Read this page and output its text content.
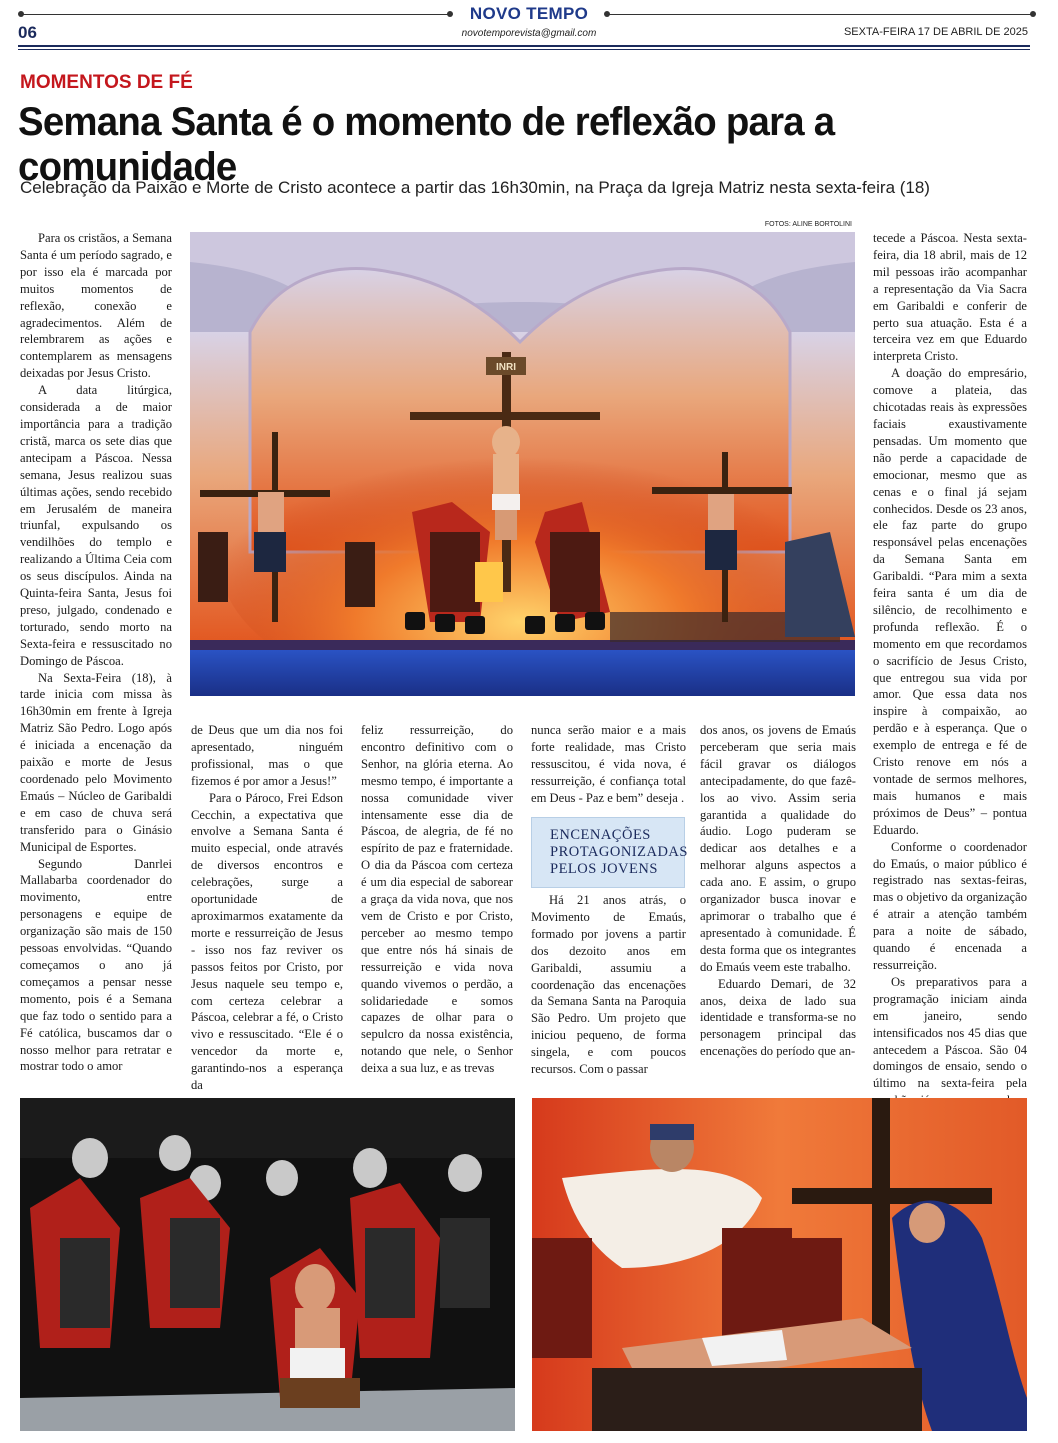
06
NOVO TEMPO
novotemporevista@gmail.com	SEXTA-FEIRA 17 DE ABRIL DE 2025
MOMENTOS DE FÉ
Semana Santa é o momento de reflexão para a comunidade
Celebração da Paixão e Morte de Cristo acontece a partir das 16h30min, na Praça da Igreja Matriz nesta sexta-feira (18)
FOTOS: ALINE BORTOLINI
INRI

Para os cristãos, a Semana Santa é um período sagrado, e por isso ela é marcada por muitos momentos de reflexão, conexão e agradecimentos. Além de relembrarem as ações e contemplarem as mensagens deixadas por Jesus Cristo.

A data litúrgica, considerada a de maior importância para a tradição cristã, marca os sete dias que antecipam a Páscoa. Nessa semana, Jesus realizou suas últimas ações, sendo recebido em Jerusalém de maneira triunfal, expulsando os vendilhões do templo e realizando a Última Ceia com os seus discípulos. Ainda na Quinta-feira Santa, Jesus foi preso, julgado, condenado e torturado, sendo morto na Sexta-feira e ressuscitado no Domingo de Páscoa.

Na Sexta-Feira (18), à tarde inicia com missa às 16h30min em frente à Igreja Matriz São Pedro. Logo após é iniciada a encenação da paixão e morte de Jesus coordenado pelo Movimento Emaús – Núcleo de Garibaldi e em caso de chuva será transferido para o Ginásio Municipal de Esportes.

Segundo Danrlei Mallabarba coordenador do movimento, entre personagens e equipe de organização são mais de 150 pessoas envolvidas. “Quando começamos o ano já começamos a pensar nesse momento, pois é a Semana que faz todo o sentido para a Fé católica, buscamos dar o nosso melhor para retratar e mostrar todo o amor

de Deus que um dia nos foi apresentado, ninguém profissional, mas o que fizemos é por amor a Jesus!”

Para o Pároco, Frei Edson Cecchin, a expectativa que envolve a Semana Santa é muito especial, onde através de diversos encontros e celebrações, surge a oportunidade de aproximarmos exatamente da morte e ressurreição de Jesus - isso nos faz reviver os passos feitos por Cristo, por Jesus naquele seu tempo e, com certeza celebrar a Páscoa, celebrar a fé, o Cristo vivo e ressuscitado. “Ele é o vencedor da morte e, garantindo-nos a esperança da

feliz ressurreição, do encontro definitivo com o Senhor, na glória eterna. Ao mesmo tempo, é importante a nossa comunidade viver intensamente esse dia de Páscoa, de alegria, de fé no espírito de paz e fraternidade. O dia da Páscoa com certeza é um dia especial de saborear a graça da vida nova, que nos vem de Cristo e por Cristo, perceber ao mesmo tempo que entre nós há sinais de ressurreição e vida nova quando vivemos o perdão, a solidariedade e somos capazes de olhar para o sepulcro da nossa existência, notando que nele, o Senhor deixa a sua luz, e as trevas

nunca serão maior e a mais forte realidade, mas Cristo ressuscitou, é vida nova, é ressurreição, é confiança total em Deus - Paz e bem” deseja .

Há 21 anos atrás, o Movimento de Emaús, formado por jovens a partir dos dezoito anos em Garibaldi, assumiu a coordenação das encenações da Semana Santa na Paroquia São Pedro. Um projeto que iniciou pequeno, de forma singela, e com poucos recursos. Com o passar

ENCENAÇÕES PROTAGONIZADAS PELOS JOVENS

dos anos, os jovens de Emaús perceberam que seria mais fácil gravar os diálogos antecipadamente, do que fazê-los ao vivo. Assim seria garantida a qualidade do áudio. Logo puderam se dedicar aos detalhes e a melhorar alguns aspectos a cada ano. E assim, o grupo organizador busca inovar e aprimorar o trabalho que é apresentado à comunidade. É desta forma que os integrantes do Emaús veem este trabalho.

Eduardo Demari, de 32 anos, deixa de lado sua identidade e transforma-se no personagem principal das encenações do período que an-

tecede a Páscoa. Nesta sexta-feira, dia 18 abril, mais de 12 mil pessoas irão acompanhar a representação da Via Sacra em Garibaldi e conferir de perto sua atuação. Esta é a terceira vez em que Eduardo interpreta Cristo.

A doação do empresário, comove a plateia, das chicotadas reais às expressões faciais exaustivamente pensadas. Um momento que não perde a capacidade de emocionar, mesmo que as cenas e o final já sejam conhecidos. Desde os 23 anos, ele faz parte do grupo responsável pelas encenações da Semana Santa em Garibaldi. “Para mim a sexta feira santa é um dia de silêncio, de recolhimento e profunda reflexão. É o momento em que recordamos o sacrifício de Jesus Cristo, que entregou sua vida por amor. Que essa data nos inspire à compaixão, ao perdão e à esperança. Que o exemplo de entrega e fé de Cristo renove em nós a vontade de sermos melhores, mais humanos e mais próximos de Deus” – pontua Eduardo.

Conforme o coordenador do Emaús, o maior público é registrado nas sextas-feiras, mas o objetivo da organização é atrair a atenção também para a noite de sábado, quando é encenada a ressurreição.

Os preparativos para a programação iniciam ainda em janeiro, sendo intensificados nos 45 dias que antecedem a Páscoa. São 04 domingos de ensaio, sendo o último na sexta-feira pela
